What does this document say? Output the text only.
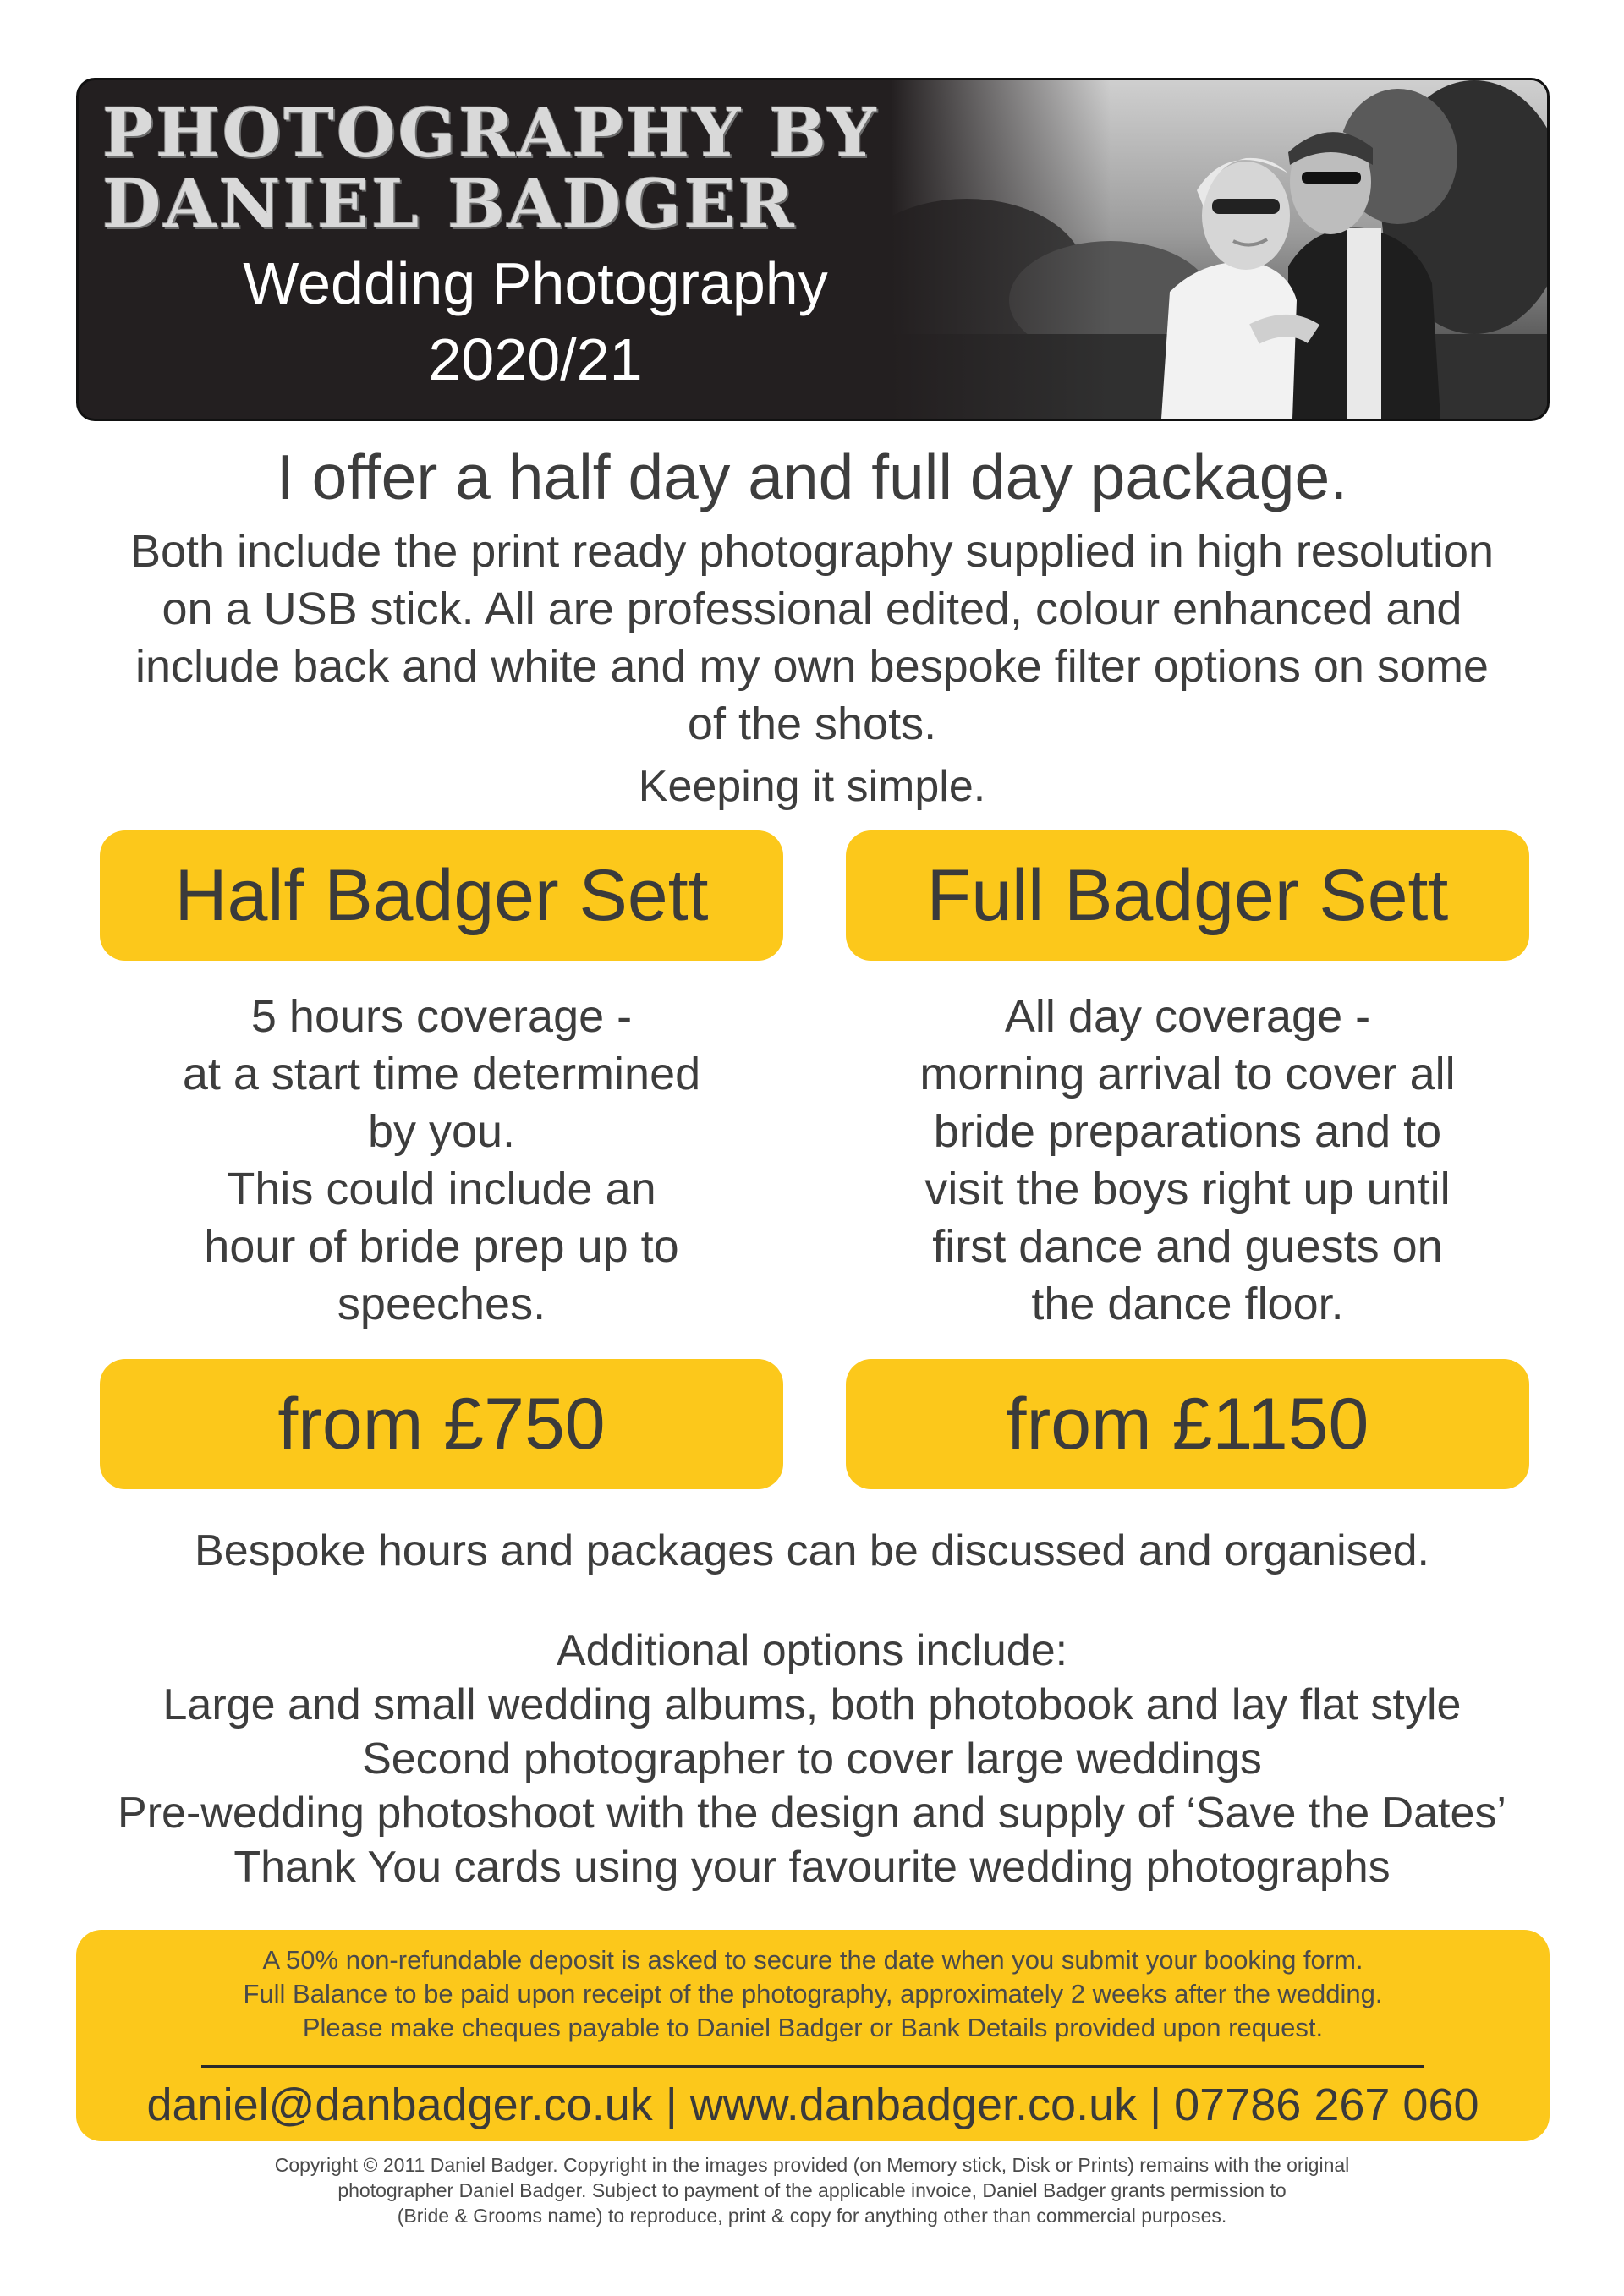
PHOTOGRAPHY BY
DANIEL BADGER
Wedding Photography
2020/21
I offer a half day and full day package.
Both include the print ready photography supplied in high resolution on a USB stick. All are professional edited, colour enhanced and include back and white and my own bespoke filter options on some of the shots.
Keeping it simple.
Half Badger Sett	Full Badger Sett
5 hours coverage -
at a start time determined
by you.
This could include an
hour of bride prep up to
speeches.
All day coverage -
morning arrival to cover all
bride preparations and to
visit the boys right up until
first dance and guests on
the dance floor.
from £750	from £1150
Bespoke hours and packages can be discussed and organised.
Additional options include:
Large and small wedding albums, both photobook and lay flat style
Second photographer to cover large weddings
Pre-wedding photoshoot with the design and supply of ‘Save the Dates’
Thank You cards using your favourite wedding photographs
A 50% non-refundable deposit is asked to secure the date when you submit your booking form.
Full Balance to be paid upon receipt of the photography, approximately 2 weeks after the wedding.
Please make cheques payable to Daniel Badger or Bank Details provided upon request.
daniel@danbadger.co.uk | www.danbadger.co.uk | 07786 267 060
Copyright © 2011 Daniel Badger. Copyright in the images provided (on Memory stick, Disk or Prints) remains with the original
photographer Daniel Badger. Subject to payment of the applicable invoice, Daniel Badger grants permission to
(Bride & Grooms name) to reproduce, print & copy for anything other than commercial purposes.
